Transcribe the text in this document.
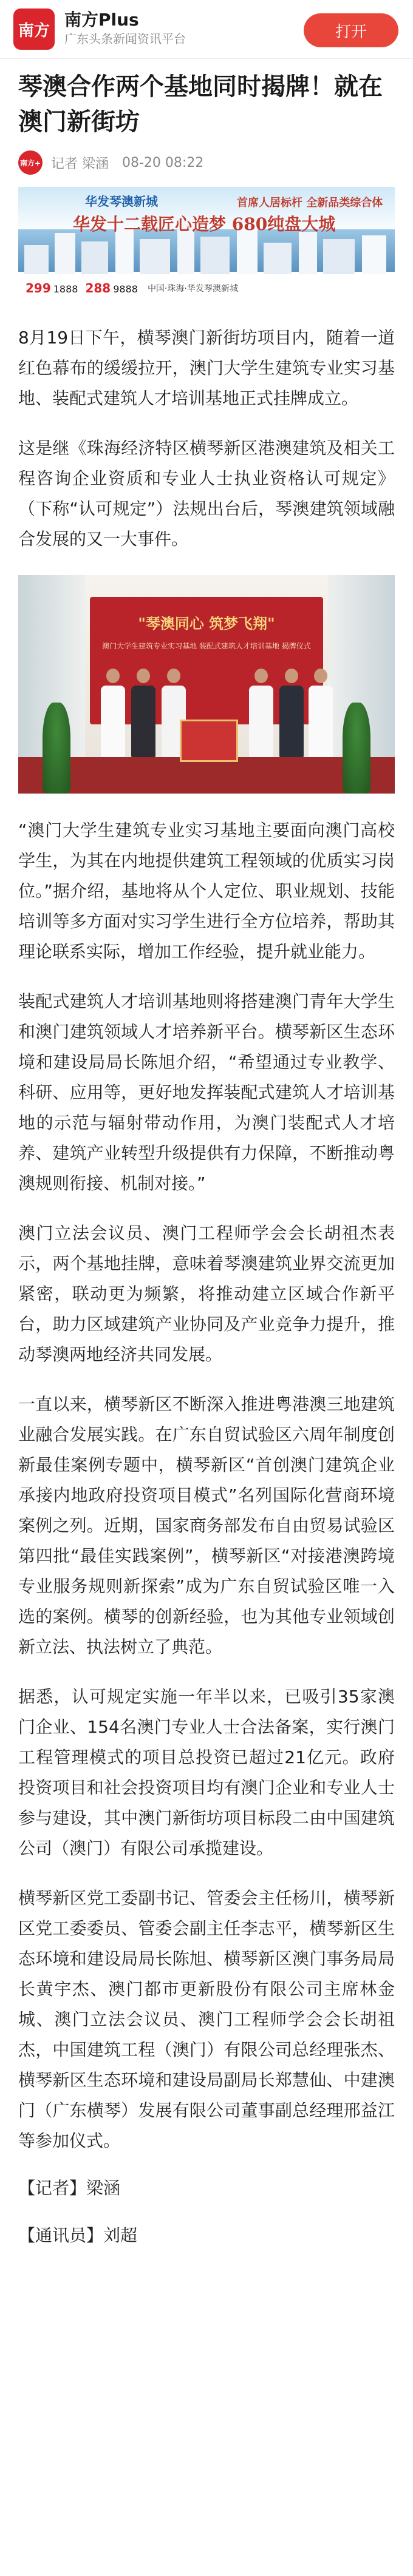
南方
南方Plus
广东头条新闻资讯平台	打开
琴澳合作两个基地同时揭牌！就在澳门新街坊
南方+ 记者 梁涵 08-20 08:22
华发琴澳新城	首席人居标杆 全新品类综合体
华发十二载匠心造梦 680纯盘大城
299 1888 288 9888 中国·珠海·华发琴澳新城
8月19日下午，横琴澳门新街坊项目内，随着一道红色幕布的缓缓拉开，澳门大学生建筑专业实习基地、装配式建筑人才培训基地正式挂牌成立。
这是继《珠海经济特区横琴新区港澳建筑及相关工程咨询企业资质和专业人士执业资格认可规定》（下称“认可规定”）法规出台后，琴澳建筑领域融合发展的又一大事件。
"琴澳同心 筑梦飞翔"
澳门大学生建筑专业实习基地 装配式建筑人才培训基地 揭牌仪式
“澳门大学生建筑专业实习基地主要面向澳门高校学生，为其在内地提供建筑工程领域的优质实习岗位。”据介绍，基地将从个人定位、职业规划、技能培训等多方面对实习学生进行全方位培养，帮助其理论联系实际，增加工作经验，提升就业能力。
装配式建筑人才培训基地则将搭建澳门青年大学生和澳门建筑领域人才培养新平台。横琴新区生态环境和建设局局长陈旭介绍，“希望通过专业教学、科研、应用等，更好地发挥装配式建筑人才培训基地的示范与辐射带动作用，为澳门装配式人才培养、建筑产业转型升级提供有力保障，不断推动粤澳规则衔接、机制对接。”
澳门立法会议员、澳门工程师学会会长胡祖杰表示，两个基地挂牌，意味着琴澳建筑业界交流更加紧密，联动更为频繁，将推动建立区域合作新平台，助力区域建筑产业协同及产业竞争力提升，推动琴澳两地经济共同发展。
一直以来，横琴新区不断深入推进粤港澳三地建筑业融合发展实践。在广东自贸试验区六周年制度创新最佳案例专题中，横琴新区“首创澳门建筑企业承接内地政府投资项目模式”名列国际化营商环境案例之列。近期，国家商务部发布自由贸易试验区第四批“最佳实践案例”，横琴新区“对接港澳跨境专业服务规则新探索”成为广东自贸试验区唯一入选的案例。横琴的创新经验，也为其他专业领域创新立法、执法树立了典范。
据悉，认可规定实施一年半以来，已吸引35家澳门企业、154名澳门专业人士合法备案，实行澳门工程管理模式的项目总投资已超过21亿元。政府投资项目和社会投资项目均有澳门企业和专业人士参与建设，其中澳门新街坊项目标段二由中国建筑公司（澳门）有限公司承揽建设。
横琴新区党工委副书记、管委会主任杨川，横琴新区党工委委员、管委会副主任李志平，横琴新区生态环境和建设局局长陈旭、横琴新区澳门事务局局长黄宇杰、澳门都市更新股份有限公司主席林金城、澳门立法会议员、澳门工程师学会会长胡祖杰，中国建筑工程（澳门）有限公司总经理张杰、横琴新区生态环境和建设局副局长郑慧仙、中建澳门（广东横琴）发展有限公司董事副总经理邢益江等参加仪式。
【记者】梁涵
【通讯员】刘超
